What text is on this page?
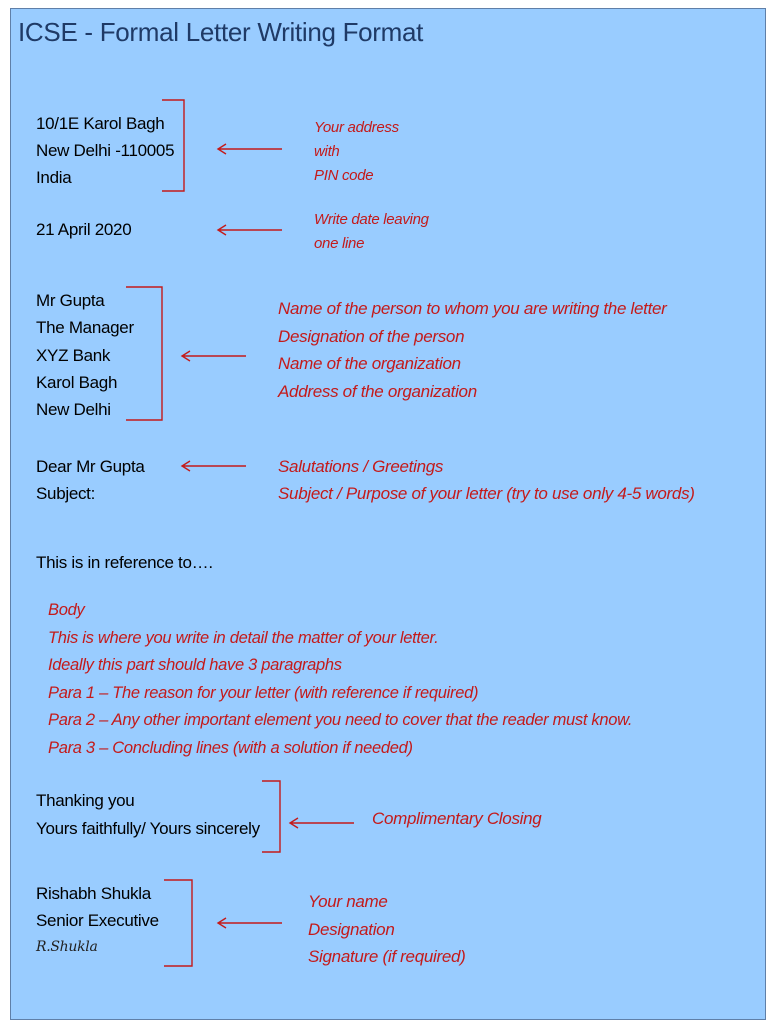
ICSE - Formal Letter Writing Format
10/1E Karol Bagh
New Delhi -110005
India
Your address
with
PIN code
21 April 2020
Write date leaving
one line
Mr Gupta
The Manager
XYZ Bank
Karol Bagh
New Delhi
Name of the person to whom you are writing the letter
Designation of the person
Name of the organization
Address of the organization
Dear Mr Gupta
Subject:
Salutations / Greetings
Subject / Purpose of your letter (try to use only 4-5 words)
This is in reference to….
Body
This is where you write in detail the matter of your letter.
Ideally this part should have 3 paragraphs
Para 1 – The reason for your letter (with reference if required)
Para 2 – Any other important element you need to cover that the reader must know.
Para 3 – Concluding lines (with a solution if needed)
Thanking you
Yours faithfully/ Yours sincerely
Complimentary Closing
Rishabh Shukla
Senior Executive
R.Shukla
Your name
Designation
Signature (if required)
